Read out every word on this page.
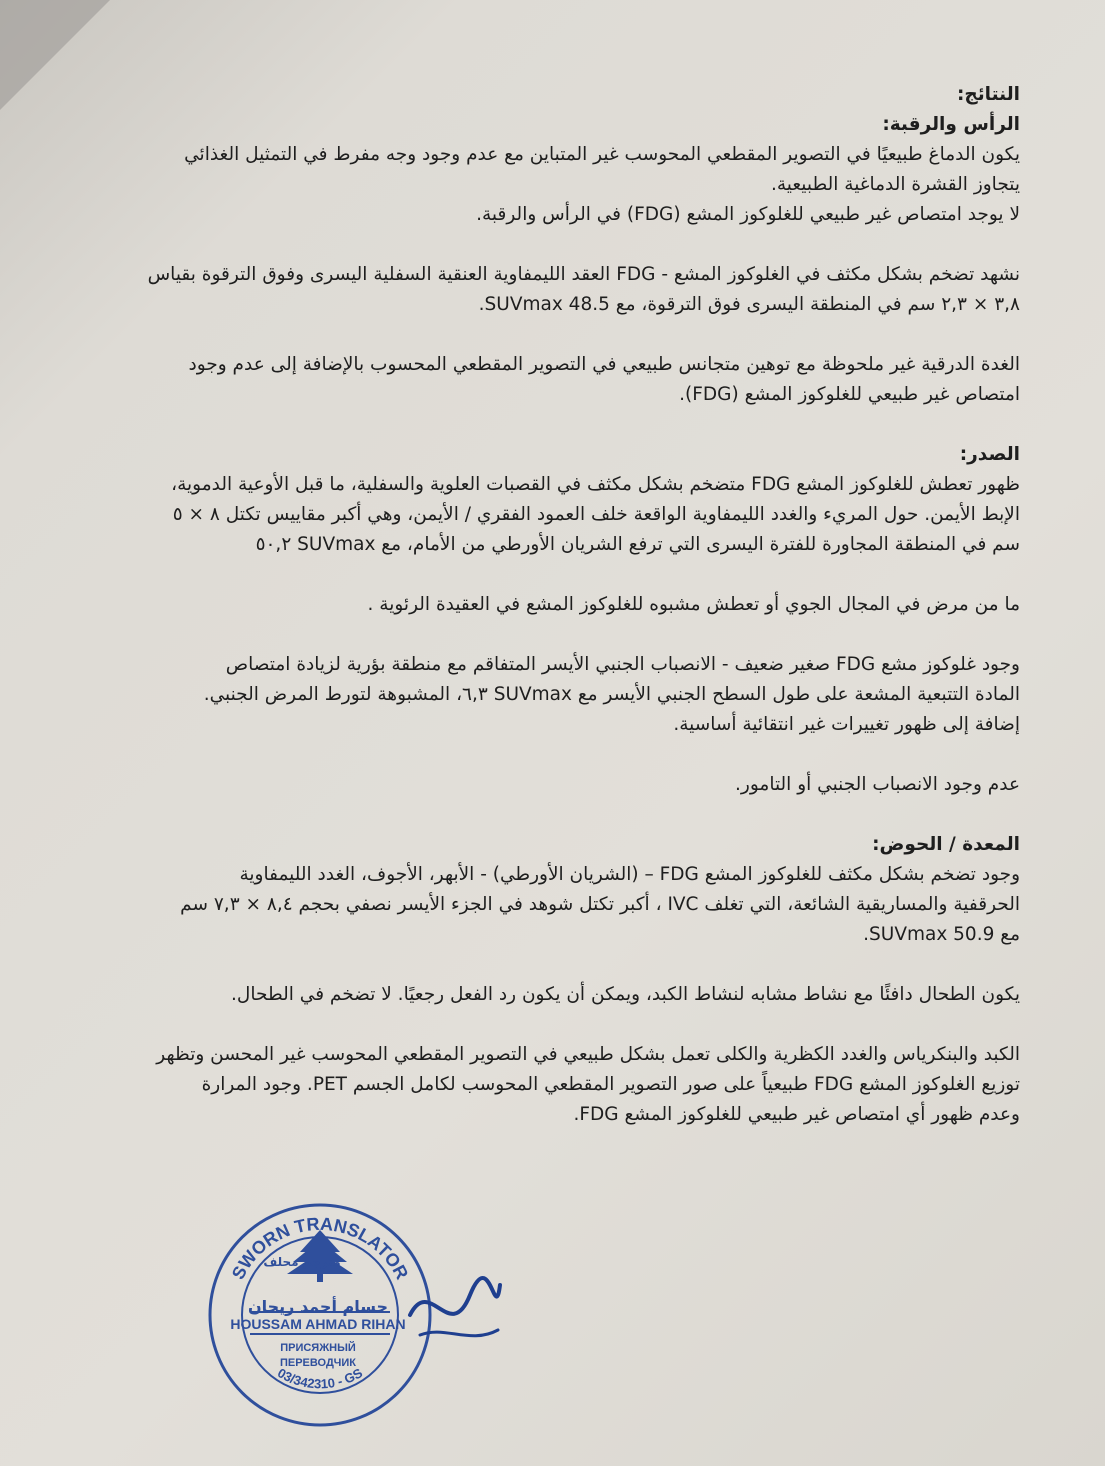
النتائج:

الرأس والرقبة:

يكون الدماغ طبيعيًا في التصوير المقطعي المحوسب غير المتباين مع عدم وجود وجه مفرط في التمثيل الغذائي

يتجاوز القشرة الدماغية الطبيعية.

لا يوجد امتصاص غير طبيعي للغلوكوز المشع (FDG) في الرأس والرقبة.

نشهد تضخم بشكل مكثف في الغلوكوز المشع - FDG العقد الليمفاوية العنقية السفلية اليسرى وفوق الترقوة بقياس

٣,٨ × ٢,٣ سم في المنطقة اليسرى فوق الترقوة، مع SUVmax 48.5.

الغدة الدرقية غير ملحوظة مع توهين متجانس طبيعي في التصوير المقطعي المحسوب بالإضافة إلى عدم وجود

امتصاص غير طبيعي للغلوكوز المشع (FDG).

الصدر:

ظهور تعطش للغلوكوز المشع FDG متضخم بشكل مكثف في القصبات العلوية والسفلية، ما قبل الأوعية الدموية،

الإبط الأيمن. حول المريء والغدد الليمفاوية الواقعة خلف العمود الفقري / الأيمن، وهي أكبر مقاييس تكتل ٨ × ٥

سم في المنطقة المجاورة للفترة اليسرى التي ترفع الشريان الأورطي من الأمام، مع SUVmax ٥٠,٢

ما من مرض في المجال الجوي أو تعطش مشبوه للغلوكوز المشع في العقيدة الرئوية .

وجود غلوكوز مشع FDG صغير ضعيف - الانصباب الجنبي الأيسر المتفاقم مع منطقة بؤرية لزيادة امتصاص

المادة التتبعية المشعة على طول السطح الجنبي الأيسر مع SUVmax ٦,٣، المشبوهة لتورط المرض الجنبي.

إضافة إلى ظهور تغييرات غير انتقائية أساسية.

عدم وجود الانصباب الجنبي أو التامور.

المعدة / الحوض:

وجود تضخم بشكل مكثف للغلوكوز المشع FDG – (الشريان الأورطي) - الأبهر، الأجوف، الغدد الليمفاوية

الحرقفية والمساريقية الشائعة، التي تغلف IVC ، أكبر تكتل شوهد في الجزء الأيسر نصفي بحجم ٨,٤ × ٧,٣ سم

مع SUVmax 50.9.

يكون الطحال دافئًا مع نشاط مشابه لنشاط الكبد، ويمكن أن يكون رد الفعل رجعيًا. لا تضخم في الطحال.

الكبد والبنكرياس والغدد الكظرية والكلى تعمل بشكل طبيعي في التصوير المقطعي المحوسب غير المحسن وتظهر

توزيع الغلوكوز المشع FDG طبيعياً على صور التصوير المقطعي المحوسب لكامل الجسم PET. وجود المرارة

وعدم ظهور أي امتصاص غير طبيعي للغلوكوز المشع FDG.

SWORN TRANSLATOR
03/342310 - GS
مترجم محلف
حسام أحمد ريحان
HOUSSAM AHMAD RIHAN
ПРИСЯЖНЫЙ
ПЕРЕВОДЧИК
